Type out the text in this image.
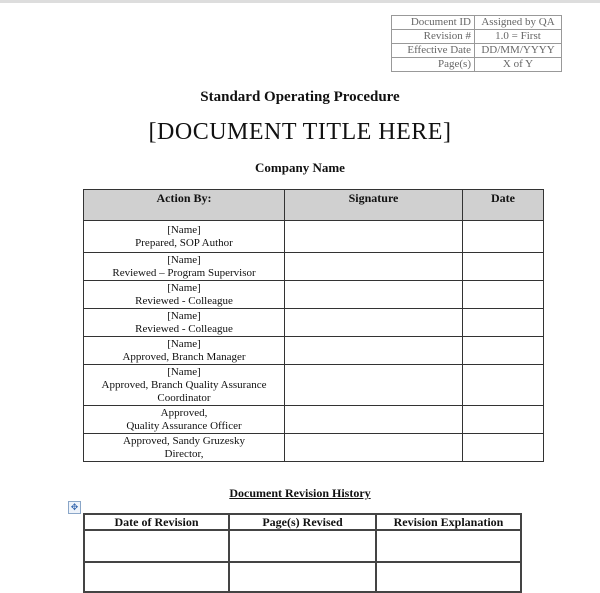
Document ID	Assigned by QA
Revision #	1.0 = First
Effective Date	DD/MM/YYYY
Page(s)	X of Y
Standard Operating Procedure
[DOCUMENT TITLE HERE]
Company Name
Action By:	Signature	Date

[Name]
Prepared, SOP Author		

[Name]
Reviewed – Program Supervisor		

[Name]
Reviewed - Colleague		

[Name]
Reviewed - Colleague		

[Name]
Approved, Branch Manager		

[Name]
Approved, Branch Quality Assurance
Coordinator		

Approved,
Quality Assurance Officer		

Approved, Sandy Gruzesky
Director,		

Document Revision History
✥
Date of Revision	Page(s) Revised	Revision Explanation
